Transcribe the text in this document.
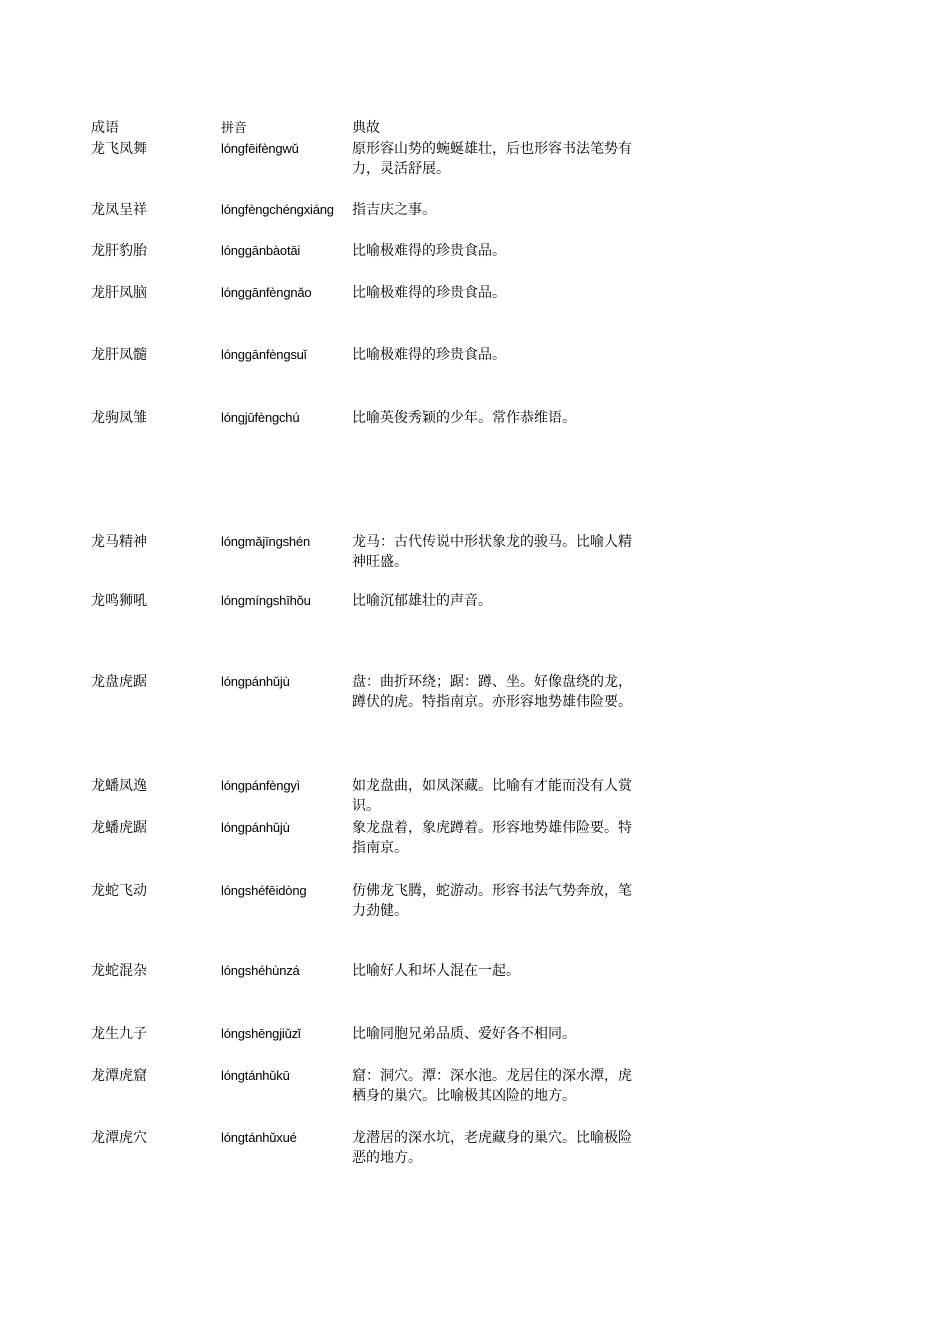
成语	拼音	典故
龙飞凤舞	lóngfēifèngwǔ	原形容山势的蜿蜒雄壮，后也形容书法笔势有力，灵活舒展。
龙凤呈祥	lóngfèngchéngxiáng 指吉庆之事。
龙肝豹胎	lónggānbàotāi	比喻极难得的珍贵食品。
龙肝凤脑	lónggānfèngnǎo	比喻极难得的珍贵食品。
龙肝凤髓	lónggānfèngsuǐ	比喻极难得的珍贵食品。
龙驹凤雏	lóngjūfèngchú	比喻英俊秀颖的少年。常作恭维语。
龙马精神	lóngmǎjīngshén	龙马：古代传说中形状象龙的骏马。比喻人精神旺盛。
龙鸣狮吼	lóngmíngshīhǒu	比喻沉郁雄壮的声音。
龙盘虎踞	lóngpánhǔjù	盘：曲折环绕；踞：蹲、坐。好像盘绕的龙，蹲伏的虎。特指南京。亦形容地势雄伟险要。
龙蟠凤逸	lóngpánfèngyì	如龙盘曲，如凤深藏。比喻有才能而没有人赏识。
龙蟠虎踞	lóngpánhǔjù	象龙盘着，象虎蹲着。形容地势雄伟险要。特指南京。
龙蛇飞动	lóngshéfēidòng	仿佛龙飞腾，蛇游动。形容书法气势奔放，笔力劲健。
龙蛇混杂	lóngshéhùnzá	比喻好人和坏人混在一起。
龙生九子	lóngshēngjiǔzǐ	比喻同胞兄弟品质、爱好各不相同。
龙潭虎窟	lóngtánhǔkū	窟：洞穴。潭：深水池。龙居住的深水潭，虎栖身的巢穴。比喻极其凶险的地方。
龙潭虎穴	lóngtánhǔxué	龙潜居的深水坑，老虎藏身的巢穴。比喻极险恶的地方。
